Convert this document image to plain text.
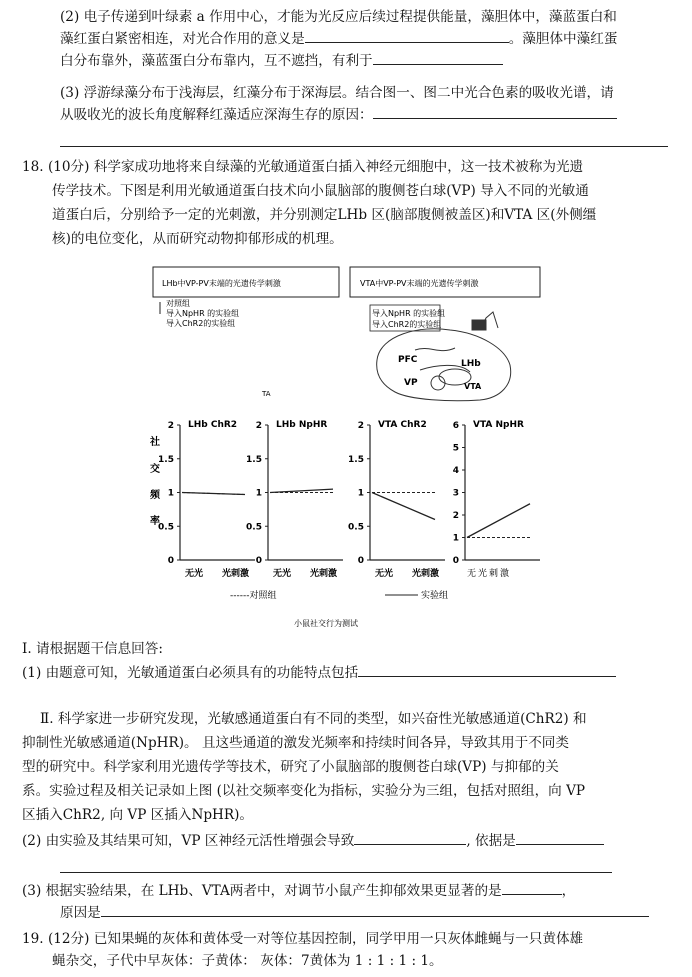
(2) 电子传递到叶绿素 a 作用中心，才能为光反应后续过程提供能量，藻胆体中，藻蓝蛋白和
藻红蛋白紧密相连，对光合作用的意义是	。藻胆体中藻红蛋
白分布靠外，藻蓝蛋白分布靠内，互不遮挡，有利于
(3) 浮游绿藻分布于浅海层，红藻分布于深海层。结合图一、图二中光合色素的吸收光谱，请
从吸收光的波长角度解释红藻适应深海生存的原因：
18. (10分) 科学家成功地将来自绿藻的光敏通道蛋白插入神经元细胞中，这一技术被称为光遗
传学技术。下图是利用光敏通道蛋白技术向小鼠脑部的腹侧苍白球(VP) 导入不同的光敏通
道蛋白后，分别给予一定的光刺激，并分别测定LHb 区(脑部腹侧被盖区)和VTA 区(外侧缰
核)的电位变化，从而研究动物抑郁形成的机理。
LHb中VP-PV末端的光遗传学刺激	VTA中VP-PV末端的光遗传学刺激
对照组
导入NpHR 的实验组
导入ChR2的实验组
导入NpHR 的实验组
导入ChR2的实验组
PFC	LHb
VP	VTA
TA
社
交
频
率
LHb ChR2
0
0.5
1
1.5
2
无光 光刺激
LHb NpHR
0
0.5
1
1.5
2
无光 光刺激
VTA ChR2
0
0.5
1
1.5
2
无光 光刺激
VTA NpHR
0
1
2
3
4
5
6
无光刺激
------对照组	实验组
小鼠社交行为测试
I. 请根据题干信息回答:
(1) 由题意可知，光敏通道蛋白必须具有的功能特点包括
Ⅱ. 科学家进一步研究发现，光敏感通道蛋白有不同的类型，如兴奋性光敏感通道(ChR2) 和
抑制性光敏感通道(NpHR)。 且这些通道的激发光频率和持续时间各异，导致其用于不同类
型的研究中。科学家利用光遗传学等技术，研究了小鼠脑部的腹侧苍白球(VP) 与抑郁的关
系。实验过程及相关记录如上图 (以社交频率变化为指标，实验分为三组，包括对照组，向 VP
区插入ChR2, 向 VP 区插入NpHR)。
(2) 由实验及其结果可知，VP 区神经元活性增强会导致	, 依据是
(3) 根据实验结果，在 LHb、VTA两者中，对调节小鼠产生抑郁效果更显著的是	，
原因是
19. (12分) 已知果蝇的灰体和黄体受一对等位基因控制，同学甲用一只灰体雌蝇与一只黄体雄
蝇杂交，子代中早灰体：子黄体： 灰体：7黄体为 1 : 1 : 1 : 1。
